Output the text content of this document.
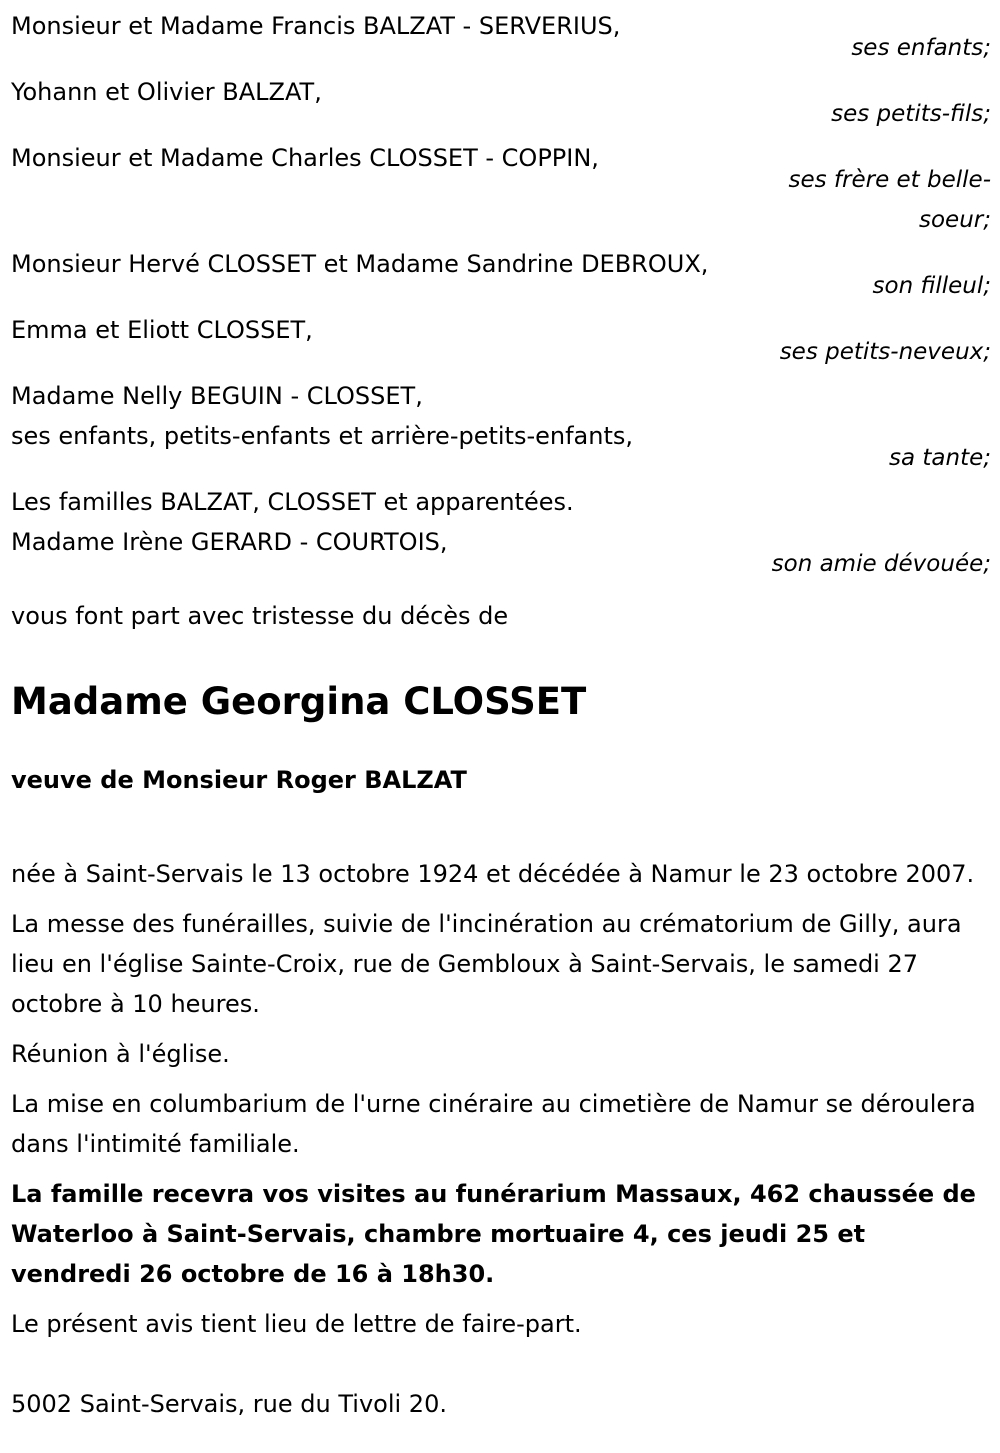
Monsieur et Madame Francis BALZAT - SERVERIUS,
ses enfants;
Yohann et Olivier BALZAT,
ses petits-fils;
Monsieur et Madame Charles CLOSSET - COPPIN,
ses frère et belle-soeur;
Monsieur Hervé CLOSSET et Madame Sandrine DEBROUX,
son filleul;
Emma et Eliott CLOSSET,
ses petits-neveux;
Madame Nelly BEGUIN - CLOSSET,
ses enfants, petits-enfants et arrière-petits-enfants,
sa tante;
Les familles BALZAT, CLOSSET et apparentées.
Madame Irène GERARD - COURTOIS,
son amie dévouée;

vous font part avec tristesse du décès de

Madame Georgina CLOSSET
veuve de Monsieur Roger BALZAT

née à Saint-Servais le 13 octobre 1924 et décédée à Namur le 23 octobre 2007.

La messe des funérailles, suivie de l'incinération au crématorium de Gilly, aura lieu en l'église Sainte-Croix, rue de Gembloux à Saint-Servais, le samedi 27 octobre à 10 heures.

Réunion à l'église.

La mise en columbarium de l'urne cinéraire au cimetière de Namur se déroulera dans l'intimité familiale.

La famille recevra vos visites au funérarium Massaux, 462 chaussée de Waterloo à Saint-Servais, chambre mortuaire 4, ces jeudi 25 et vendredi 26 octobre de 16 à 18h30.

Le présent avis tient lieu de lettre de faire-part.

5002 Saint-Servais, rue du Tivoli 20.
